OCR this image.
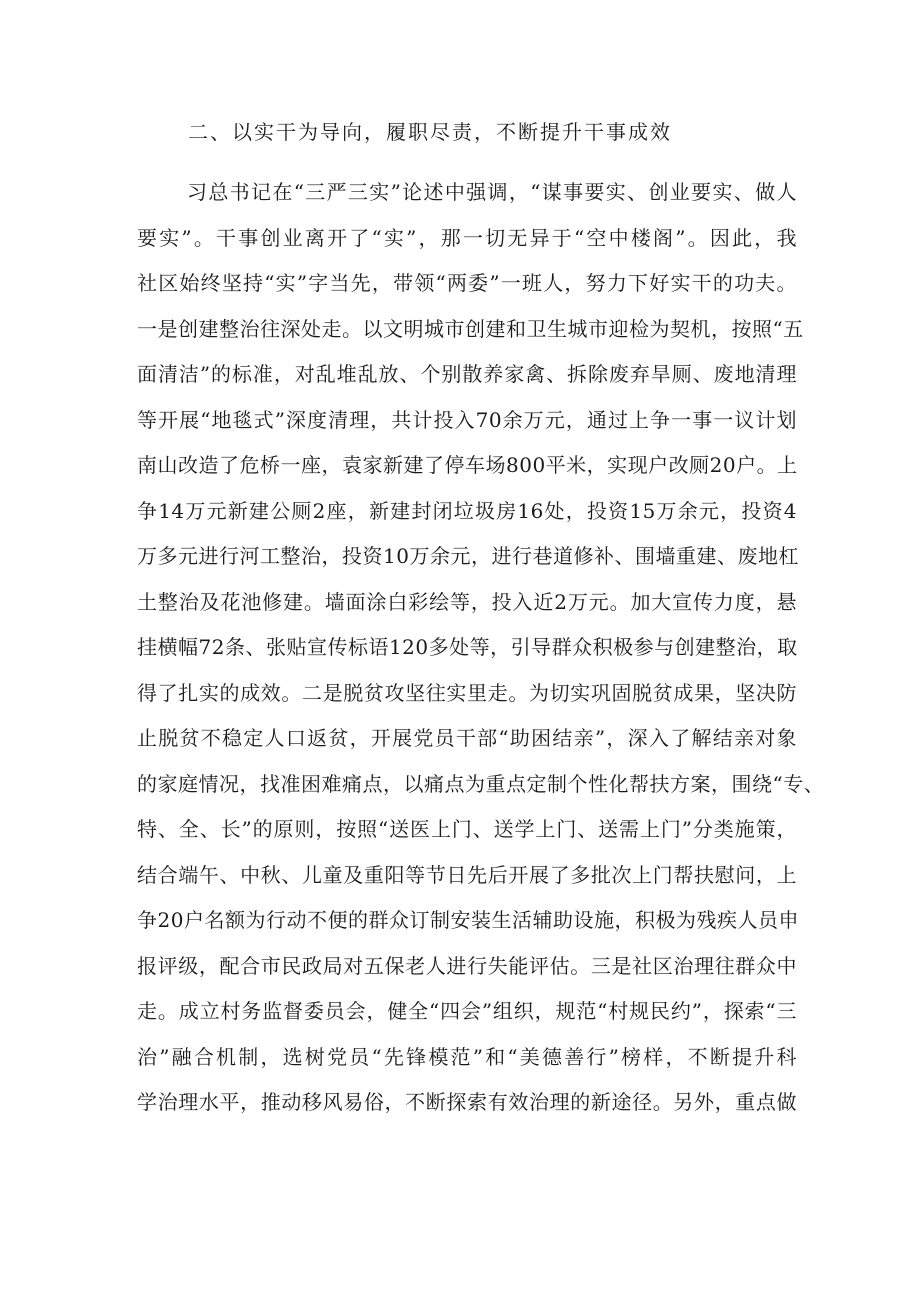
二、以实干为导向，履职尽责，不断提升干事成效
习总书记在“三严三实”论述中强调，“谋事要实、创业要实、做人
要实”。干事创业离开了“实”，那一切无异于“空中楼阁”。因此，我
社区始终坚持“实”字当先，带领“两委”一班人，努力下好实干的功夫。
一是创建整治往深处走。以文明城市创建和卫生城市迎检为契机，按照“五
面清洁”的标准，对乱堆乱放、个别散养家禽、拆除废弃旱厕、废地清理
等开展“地毯式”深度清理，共计投入70余万元，通过上争一事一议计划
南山改造了危桥一座，袁家新建了停车场800平米，实现户改厕20户。上
争14万元新建公厕2座，新建封闭垃圾房16处，投资15万余元，投资4
万多元进行河工整治，投资10万余元，进行巷道修补、围墙重建、废地杠
土整治及花池修建。墙面涂白彩绘等，投入近2万元。加大宣传力度，悬
挂横幅72条、张贴宣传标语120多处等，引导群众积极参与创建整治，取
得了扎实的成效。二是脱贫攻坚往实里走。为切实巩固脱贫成果，坚决防
止脱贫不稳定人口返贫，开展党员干部“助困结亲”，深入了解结亲对象
的家庭情况，找准困难痛点，以痛点为重点定制个性化帮扶方案，围绕“专、
特、全、长”的原则，按照“送医上门、送学上门、送需上门”分类施策，
结合端午、中秋、儿童及重阳等节日先后开展了多批次上门帮扶慰问，上
争20户名额为行动不便的群众订制安装生活辅助设施，积极为残疾人员申
报评级，配合市民政局对五保老人进行失能评估。三是社区治理往群众中
走。成立村务监督委员会，健全“四会”组织，规范“村规民约”，探索“三
治”融合机制，选树党员“先锋模范”和“美德善行”榜样，不断提升科
学治理水平，推动移风易俗，不断探索有效治理的新途径。另外，重点做
